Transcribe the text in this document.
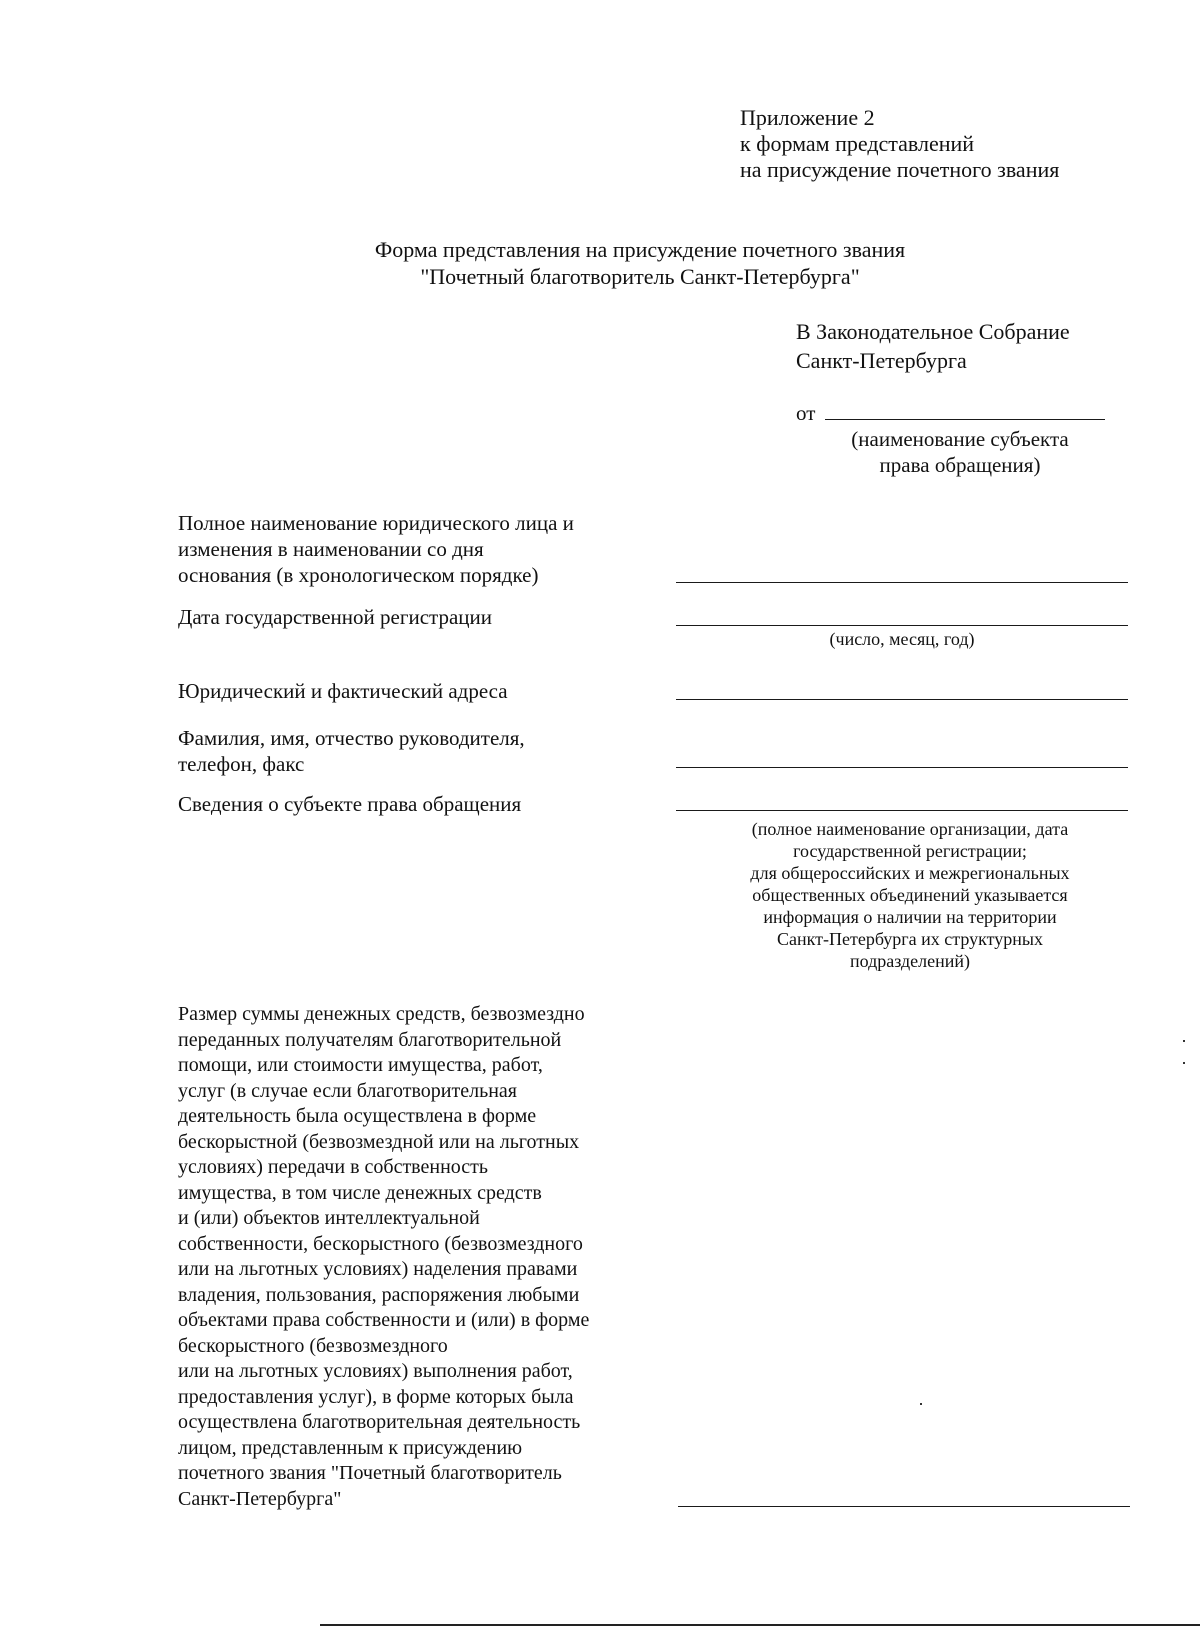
Приложение 2
к формам представлений
на присуждение почетного звания
Форма представления на присуждение почетного звания
"Почетный благотворитель Санкт-Петербурга"
В Законодательное Собрание
Санкт-Петербурга
от
(наименование субъекта
права обращения)
Полное наименование юридического лица и
изменения в наименовании со дня
основания (в хронологическом порядке)
Дата государственной регистрации

(число, месяц, год)

Юридический и фактический адреса
Фамилия, имя, отчество руководителя,
телефон, факс
Сведения о субъекте права обращения

(полное наименование организации, дата
государственной регистрации;
для общероссийских и межрегиональных
общественных объединений указывается
информация о наличии на территории
Санкт-Петербурга их структурных
подразделений)

Размер суммы денежных средств, безвозмездно
переданных получателям благотворительной
помощи, или стоимости имущества, работ,
услуг (в случае если благотворительная
деятельность была осуществлена в форме
бескорыстной (безвозмездной или на льготных
условиях) передачи в собственность
имущества, в том числе денежных средств
и (или) объектов интеллектуальной
собственности, бескорыстного (безвозмездного
или на льготных условиях) наделения правами
владения, пользования, распоряжения любыми
объектами права собственности и (или) в форме
бескорыстного (безвозмездного
или на льготных условиях) выполнения работ,
предоставления услуг), в форме которых была
осуществлена благотворительная деятельность
лицом, представленным к присуждению
почетного звания "Почетный благотворитель
Санкт-Петербурга"
